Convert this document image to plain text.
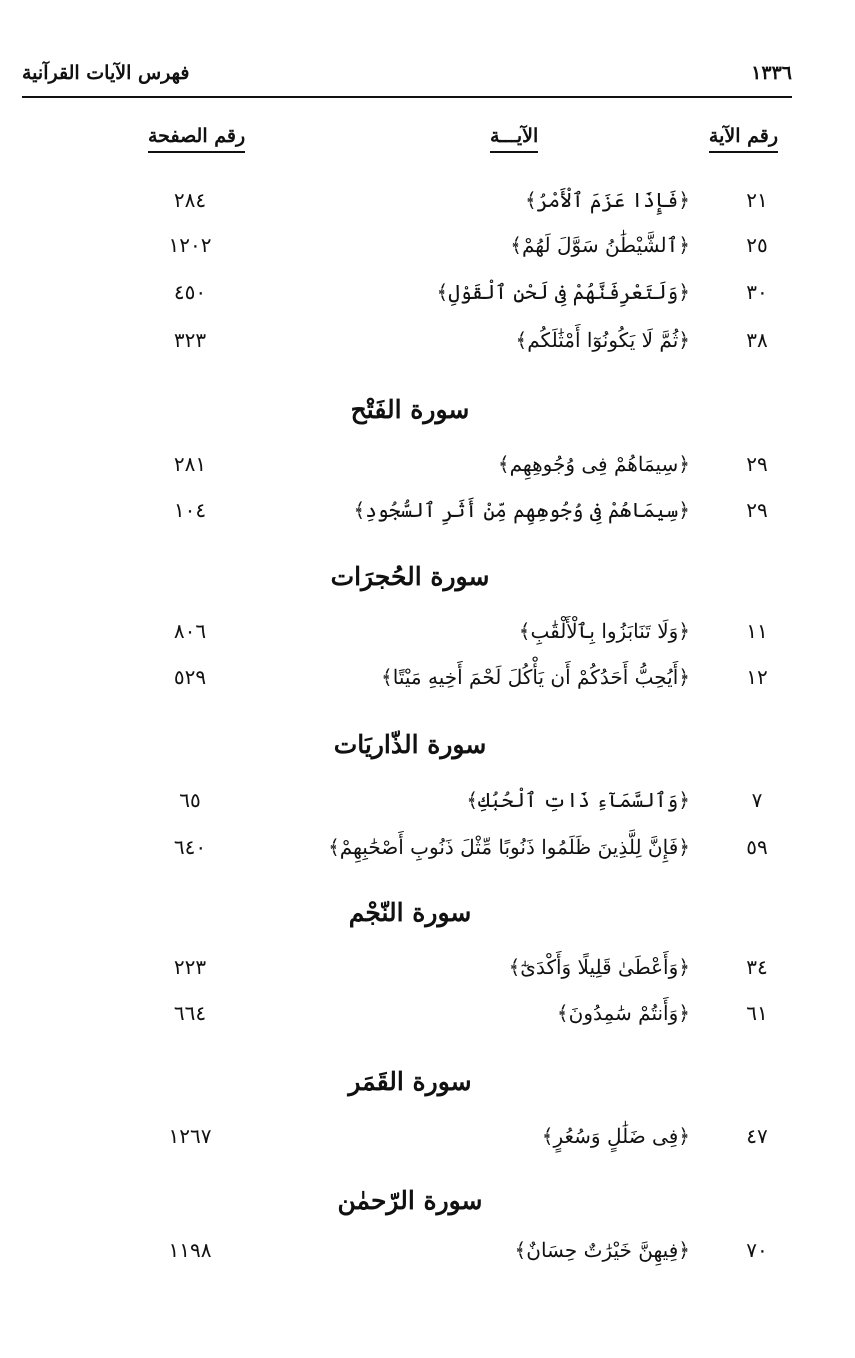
فهرس الآيات القرآنية	١٣٣٦
رقم الآية
الآيـــة
رقم الصفحة
٢١
﴿فَإِذَا عَزَمَ ٱلْأَمْرُ﴾
٢٨٤
٢٥
﴿ٱلشَّيْطَٰنُ سَوَّلَ لَهُمْ﴾
١٢٠٢
٣٠
﴿وَلَتَعْرِفَنَّهُمْ فِى لَحْنِ ٱلْقَوْلِ﴾
٤٥٠
٣٨
﴿ثُمَّ لَا يَكُونُوٓا أَمْثَٰلَكُم﴾
٣٢٣
سورة الفَتْح
٢٩
﴿سِيمَاهُمْ فِى وُجُوهِهِم﴾
٢٨١
٢٩
﴿سِيمَاهُمْ فِى وُجُوهِهِم مِّنْ أَثَرِ ٱلسُّجُودِ﴾
١٠٤
سورة الحُجرَات
١١
﴿وَلَا تَنَابَزُوا بِٱلْأَلْقَٰبِ﴾
٨٠٦
١٢
﴿أَيُحِبُّ أَحَدُكُمْ أَن يَأْكُلَ لَحْمَ أَخِيهِ مَيْتًا﴾
٥٢٩
سورة الذّاريَات
٧
﴿وَٱلسَّمَآءِ ذَاتِ ٱلْحُبُكِ﴾
٦٥
٥٩
﴿فَإِنَّ لِلَّذِينَ ظَلَمُوا ذَنُوبًا مِّثْلَ ذَنُوبِ أَصْحَٰبِهِمْ﴾
٦٤٠
سورة النّجْم
٣٤
﴿وَأَعْطَىٰ قَلِيلًا وَأَكْدَىٰٓ﴾
٢٢٣
٦١
﴿وَأَنتُمْ سَٰمِدُونَ﴾
٦٦٤
سورة القَمَر
٤٧
﴿فِى ضَلَٰلٍ وَسُعُرٍ﴾
١٢٦٧
سورة الرّحمٰن
٧٠
﴿فِيهِنَّ خَيْرَٰتٌ حِسَانٌ﴾
١١٩٨
